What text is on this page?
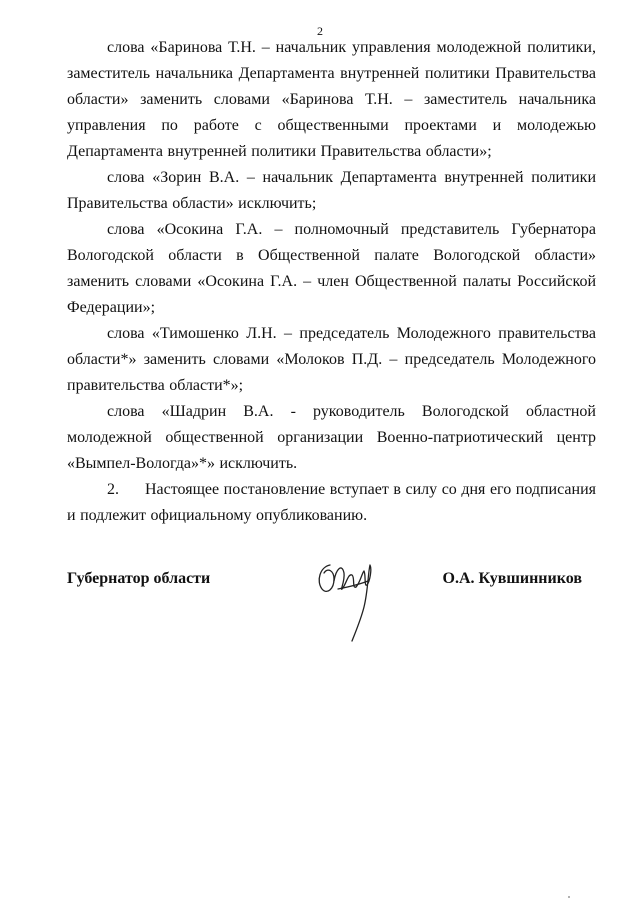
2

слова «Баринова Т.Н. – начальник управления молодежной политики, заместитель начальника Департамента внутренней политики Правительства области» заменить словами «Баринова Т.Н. – заместитель начальника управления по работе с общественными проектами и молодежью Департамента внутренней политики Правительства области»;

слова «Зорин В.А. – начальник Департамента внутренней политики Правительства области» исключить;

слова «Осокина Г.А. – полномочный представитель Губернатора Вологодской области в Общественной палате Вологодской области» заменить словами «Осокина Г.А. – член Общественной палаты Российской Федерации»;

слова «Тимошенко Л.Н. – председатель Молодежного правительства области*» заменить словами «Молоков П.Д. – председатель Молодежного правительства области*»;

слова «Шадрин В.А. - руководитель Вологодской областной молодежной общественной организации Военно-патриотический центр «Вымпел-Вологда»*» исключить.

2. Настоящее постановление вступает в силу со дня его подписания и подлежит официальному опубликованию.

Губернатор области	О.А. Кувшинников
